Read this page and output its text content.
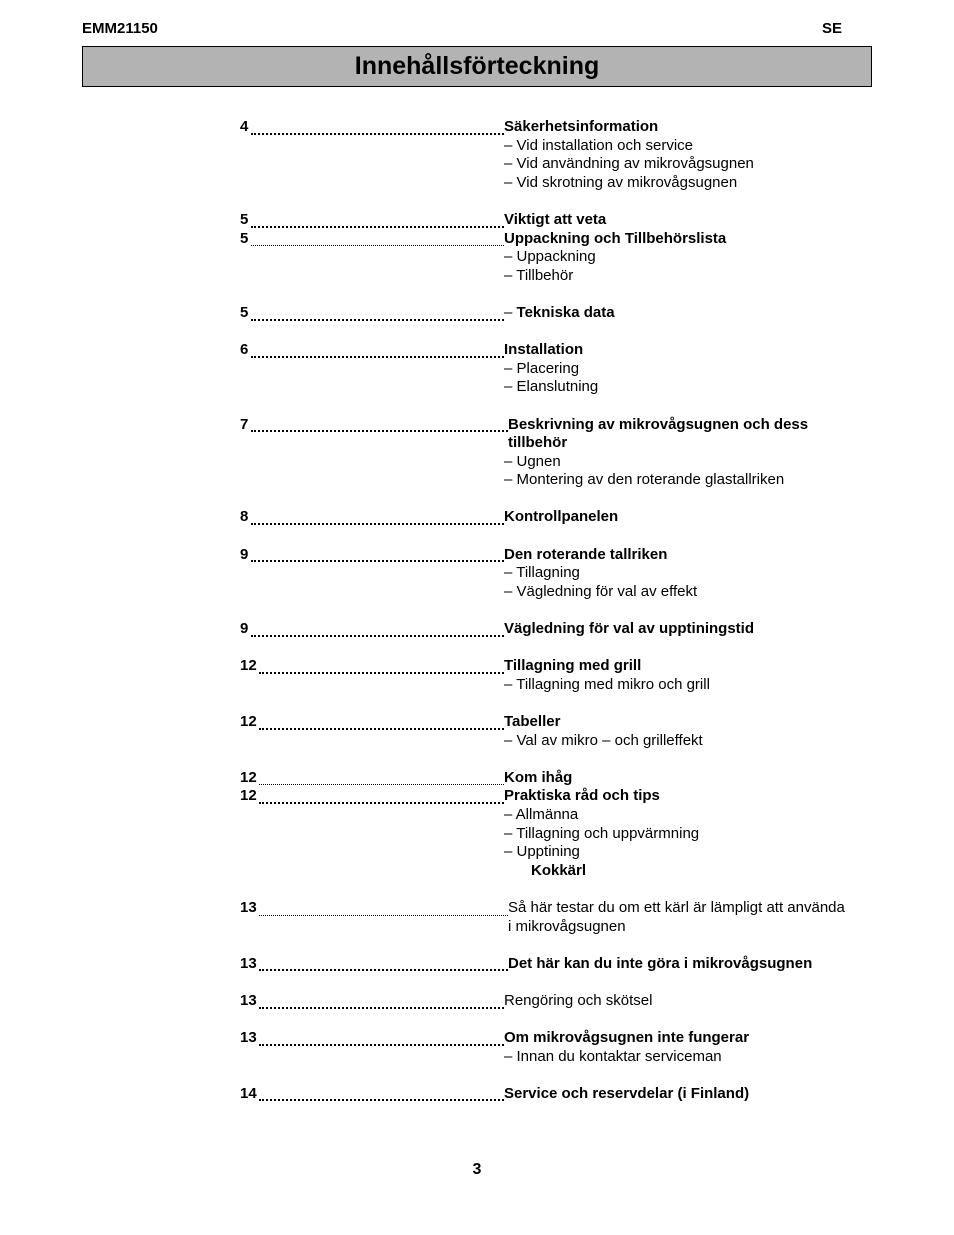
EMM21150	SE
Innehållsförteckning
4	Säkerhetsinformation
– Vid installation och service
– Vid användning av mikrovågsugnen
– Vid skrotning av mikrovågsugnen
5	Viktigt att veta
5	Uppackning och Tillbehörslista
– Uppackning
– Tillbehör
5	– Tekniska data
6	Installation
– Placering
– Elanslutning
7	Beskrivning av mikrovågsugnen och dess
tillbehör
– Ugnen
– Montering av den roterande glastallriken
8	Kontrollpanelen
9	Den roterande tallriken
– Tillagning
– Vägledning för val av effekt
9	Vägledning för val av upptiningstid
12	Tillagning med grill
– Tillagning med mikro och grill
12	Tabeller
– Val av mikro – och grilleffekt
12	Kom ihåg
12	Praktiska råd och tips
– Allmänna
– Tillagning och uppvärmning
– Upptining
Kokkärl
13	Så här testar du om ett kärl är lämpligt att använda
i mikrovågsugnen
13	Det här kan du inte göra i mikrovågsugnen
13	Rengöring och skötsel
13	Om mikrovågsugnen inte fungerar
– Innan du kontaktar serviceman
14	Service och reservdelar (i Finland)
3
